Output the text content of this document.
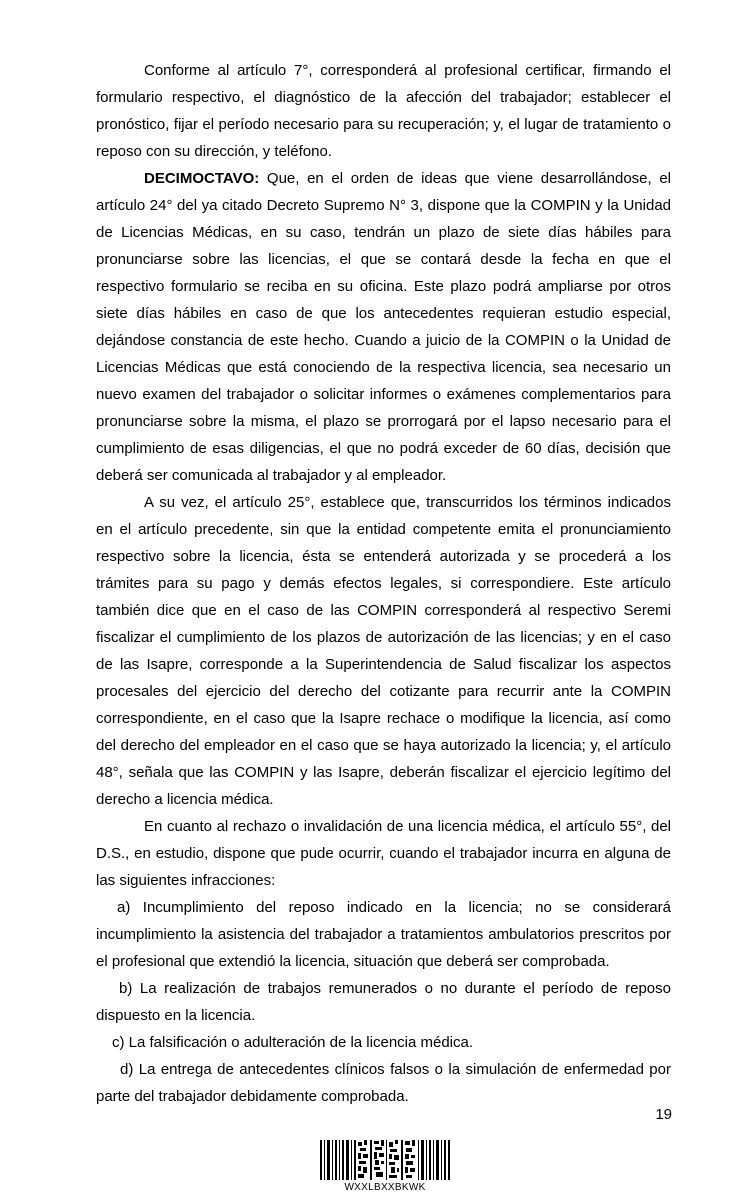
Conforme al artículo 7°, corresponderá al profesional certificar, firmando el formulario respectivo, el diagnóstico de la afección del trabajador; establecer el pronóstico, fijar el período necesario para su recuperación; y, el lugar de tratamiento o reposo con su dirección, y teléfono.

DECIMOCTAVO: Que, en el orden de ideas que viene desarrollándose, el artículo 24° del ya citado Decreto Supremo N° 3, dispone que la COMPIN y la Unidad de Licencias Médicas, en su caso, tendrán un plazo de siete días hábiles para pronunciarse sobre las licencias, el que se contará desde la fecha en que el respectivo formulario se reciba en su oficina. Este plazo podrá ampliarse por otros siete días hábiles en caso de que los antecedentes requieran estudio especial, dejándose constancia de este hecho. Cuando a juicio de la COMPIN o la Unidad de Licencias Médicas que está conociendo de la respectiva licencia, sea necesario un nuevo examen del trabajador o solicitar informes o exámenes complementarios para pronunciarse sobre la misma, el plazo se prorrogará por el lapso necesario para el cumplimiento de esas diligencias, el que no podrá exceder de 60 días, decisión que deberá ser comunicada al trabajador y al empleador.

A su vez, el artículo 25°, establece que, transcurridos los términos indicados en el artículo precedente, sin que la entidad competente emita el pronunciamiento respectivo sobre la licencia, ésta se entenderá autorizada y se procederá a los trámites para su pago y demás efectos legales, si correspondiere. Este artículo también dice que en el caso de las COMPIN corresponderá al respectivo Seremi fiscalizar el cumplimiento de los plazos de autorización de las licencias; y en el caso de las Isapre, corresponde a la Superintendencia de Salud fiscalizar los aspectos procesales del ejercicio del derecho del cotizante para recurrir ante la COMPIN correspondiente, en el caso que la Isapre rechace o modifique la licencia, así como del derecho del empleador en el caso que se haya autorizado la licencia; y, el artículo 48°, señala que las COMPIN y las Isapre, deberán fiscalizar el ejercicio legítimo del derecho a licencia médica.

En cuanto al rechazo o invalidación de una licencia médica, el artículo 55°, del D.S., en estudio, dispone que pude ocurrir, cuando el trabajador incurra en alguna de las siguientes infracciones:

a) Incumplimiento del reposo indicado en la licencia; no se considerará incumplimiento la asistencia del trabajador a tratamientos ambulatorios prescritos por el profesional que extendió la licencia, situación que deberá ser comprobada.

b) La realización de trabajos remunerados o no durante el período de reposo dispuesto en la licencia.

c) La falsificación o adulteración de la licencia médica.

d) La entrega de antecedentes clínicos falsos o la simulación de enfermedad por parte del trabajador debidamente comprobada.

19
WXXLBXXBKWK
